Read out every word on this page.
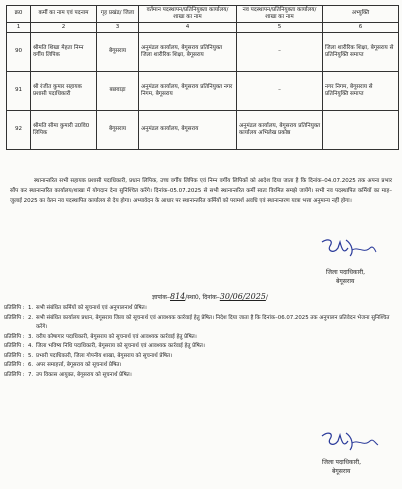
क्र0	कर्मी का नाम एवं पदनाम	गृह प्रखंड/ जिला	वर्तमान पदस्थापन/प्रतिनियुक्ता कार्यालय/शाखा का नाम	नव पदस्थापन/प्रतिनियुक्ता कार्यालय/शाखा का नाम	अभ्युक्ति
1	2	3	4	5	6
90	श्रीमति शिखा मेहता निम्न वर्गीय लिपिक	बेगूसराय	अनुमंडल कार्यालय, बेगूसराय प्रतिनियुक्त जिला शारीरिक शिक्षा, बेगूसराय	–	जिला शारीरिक शिक्षा, बेगूसराय से प्रतिनियुक्ति समाप्त
91	श्री रंजीत कुमार सहायक प्रशासी पदाधिकारी	बछवाड़ा	अनुमंडल कार्यालय, बेगूसराय प्रतिनियुक्त नगर निगम, बेगूसराय	–	नगर निगम, बेगूसराय से प्रतिनियुक्ति समाप्त
92	श्रीमति सीमा कुमारी उ0वि0 लिपिक	बेगूसराय	अनुमंडल कार्यालय, बेगूसराय	अनुमंडल कार्यालय, बेगूसराय प्रतिनियुक्त कार्यालय अभिलेख प्रकोष्ठ	

स्थानान्तरित सभी सहायक प्रशासी पदाधिकारी, प्रधान लिपिक, उच्च वर्गीय लिपिक एवं निम्न वर्गीय लिपिकों को आदेश दिया जाता है कि दिनांक–04.07.2025 तक अपना प्रभार सौंप कर स्थानान्तरित कार्यालय/शाखा में योगदान देना सुनिश्चित करेंगे। दिनांक–05.07.2025 से सभी स्थानान्तरित कर्मी स्वतः विरमित समझे जायेंगे। सभी नव पदस्थापित कर्मियों का माह–जुलाई 2025 का वेतन नव पदस्थापित कार्यालय से देय होगा। अभ्यावेदन के आधार पर स्थानान्तरित कर्मियों को परामर्श अवधि एवं स्थानान्तरण यात्रा भत्ता अनुमान्य नहीं होगा।

जिला पदाधिकारी,
बेगूसराय
ज्ञापांक–814/स्था0, दिनांक–30/06/2025/
प्रतिलिपि : 1. सभी संबंधित कर्मियों को सूचनार्थ एवं अनुपालनार्थ प्रेषित।
प्रतिलिपि : 2. सभी संबंधित कार्यालय प्रधान, बेगूसराय जिला को सूचनार्थ एवं आवश्यक कार्रवाई हेतु प्रेषित। निदेश दिया जाता है कि दिनांक–06.07.2025 तक अनुपालन प्रतिवेदन भेजना सुनिश्चित करेंगे।
प्रतिलिपि : 3. वरीय कोषागार पदाधिकारी, बेगूसराय को सूचनार्थ एवं आवश्यक कार्रवाई हेतु प्रेषित।
प्रतिलिपि : 4. जिला भविष्य निधि पदाधिकारी, बेगूसराय को सूचनार्थ एवं आवश्यक कार्रवाई हेतु प्रेषित।
प्रतिलिपि : 5. प्रभारी पदाधिकारी, जिला गोपनीय शाखा, बेगूसराय को सूचनार्थ प्रेषित।
प्रतिलिपि : 6. अपर समाहर्त्ता, बेगूसराय को सूचनार्थ प्रेषित।
प्रतिलिपि : 7. उप विकास आयुक्त, बेगूसराय को सूचनार्थ प्रेषित।
जिला पदाधिकारी,
बेगूसराय
